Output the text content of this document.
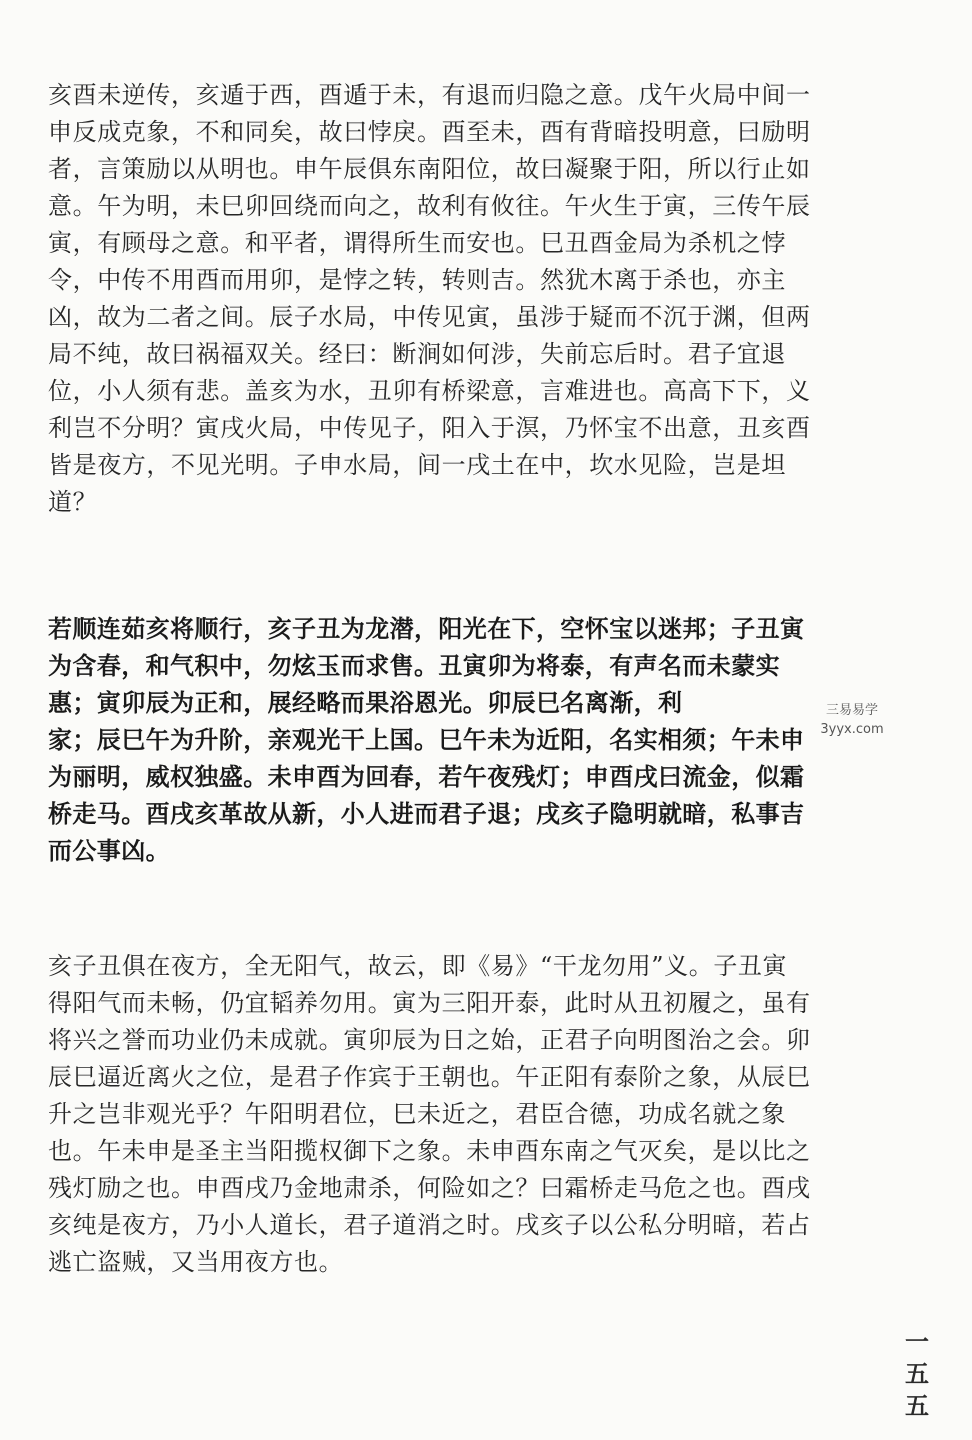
亥酉未逆传，亥遁于西，酉遁于未，有退而归隐之意。戊午火局中间一
申反成克象，不和同矣，故曰悖戾。酉至未，酉有背暗投明意，曰励明
者，言策励以从明也。申午辰俱东南阳位，故曰凝聚于阳，所以行止如
意。午为明，未巳卯回绕而向之，故利有攸往。午火生于寅，三传午辰
寅，有顾母之意。和平者，谓得所生而安也。巳丑酉金局为杀机之悖
令，中传不用酉而用卯，是悖之转，转则吉。然犹木离于杀也，亦主
凶，故为二者之间。辰子水局，中传见寅，虽涉于疑而不沉于渊，但两
局不纯，故曰祸福双关。经曰：断涧如何涉，失前忘后时。君子宜退
位，小人须有悲。盖亥为水，丑卯有桥梁意，言难进也。高高下下，义
利岂不分明？寅戌火局，中传见子，阳入于溟，乃怀宝不出意，丑亥酉
皆是夜方，不见光明。子申水局，间一戌土在中，坎水见险，岂是坦
道？

若顺连茹亥将顺行，亥子丑为龙潜，阳光在下，空怀宝以迷邦；子丑寅
为含春，和气积中，勿炫玉而求售。丑寅卯为将泰，有声名而未蒙实
惠；寅卯辰为正和，展经略而果浴恩光。卯辰巳名离渐，利
家；辰巳午为升阶，亲观光干上国。巳午未为近阳，名实相须；午未申
为丽明，威权独盛。未申酉为回春，若午夜残灯；申酉戌曰流金，似霜
桥走马。酉戌亥革故从新，小人进而君子退；戌亥子隐明就暗，私事吉
而公事凶。

三易易学
3yyx.com

亥子丑俱在夜方，全无阳气，故云，即《易》“干龙勿用”义。子丑寅
得阳气而未畅，仍宜韬养勿用。寅为三阳开泰，此时从丑初履之，虽有
将兴之誉而功业仍未成就。寅卯辰为日之始，正君子向明图治之会。卯
辰巳逼近离火之位，是君子作宾于王朝也。午正阳有泰阶之象，从辰巳
升之岂非观光乎？午阳明君位，巳未近之，君臣合德，功成名就之象
也。午未申是圣主当阳揽权御下之象。未申酉东南之气灭矣，是以比之
残灯励之也。申酉戌乃金地肃杀，何险如之？曰霜桥走马危之也。酉戌
亥纯是夜方，乃小人道长，君子道消之时。戌亥子以公私分明暗，若占
逃亡盗贼，又当用夜方也。

一
五
五
